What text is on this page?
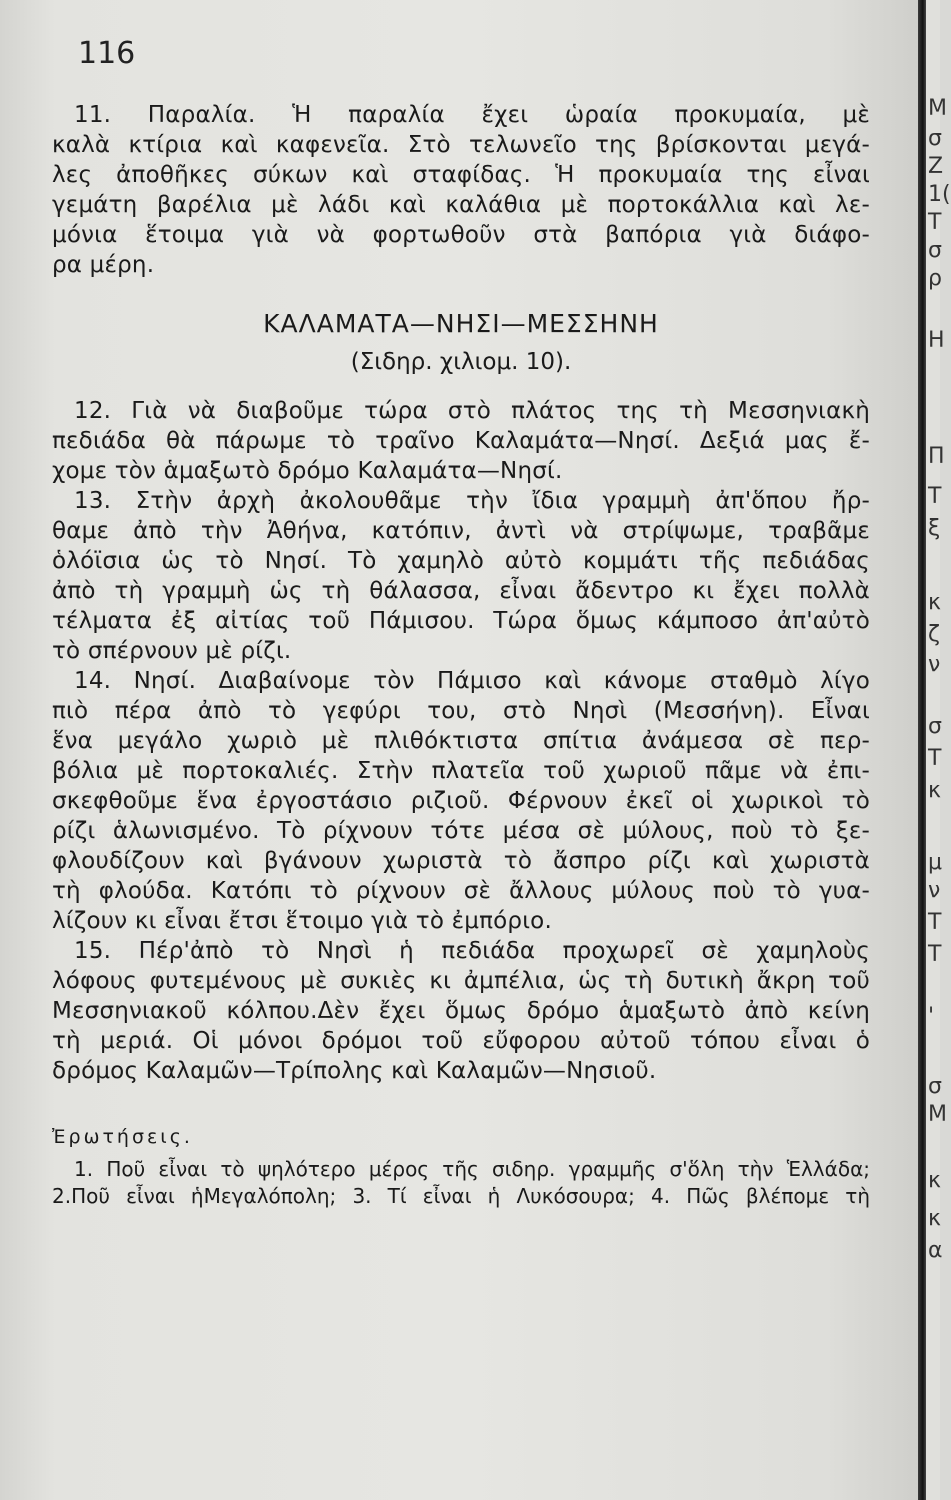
116
11. Παραλία. Ἡ παραλία ἔχει ὡραία προκυμαία, μὲ
καλὰ κτίρια καὶ καφενεῖα. Στὸ τελωνεῖο της βρίσκονται μεγά-
λες ἀποθῆκες σύκων καὶ σταφίδας. Ἡ προκυμαία της εἶναι
γεμάτη βαρέλια μὲ λάδι καὶ καλάθια μὲ πορτοκάλλια καὶ λε-
μόνια ἕτοιμα γιὰ νὰ φορτωθοῦν στὰ βαπόρια γιὰ διάφο-
ρα μέρη.
ΚΑΛΑΜΑΤΑ—ΝΗΣΙ—ΜΕΣΣΗΝΗ
(Σιδηρ. χιλιομ. 10).
12. Γιὰ νὰ διαβοῦμε τώρα στὸ πλάτος της τὴ Μεσσηνιακὴ
πεδιάδα θὰ πάρωμε τὸ τραῖνο Καλαμάτα—Νησί. Δεξιά μας ἔ-
χομε τὸν ἁμαξωτὸ δρόμο Καλαμάτα—Νησί.
13. Στὴν ἀρχὴ ἀκολουθᾶμε τὴν ἴδια γραμμὴ ἀπ'ὅπου ἤρ-
θαμε ἀπὸ τὴν Ἀθήνα, κατόπιν, ἀντὶ νὰ στρίψωμε, τραβᾶμε
ὁλόϊσια ὡς τὸ Νησί. Τὸ χαμηλὸ αὐτὸ κομμάτι τῆς πεδιάδας
ἀπὸ τὴ γραμμὴ ὡς τὴ θάλασσα, εἶναι ἄδεντρο κι ἔχει πολλὰ
τέλματα ἐξ αἰτίας τοῦ Πάμισου. Τώρα ὅμως κάμποσο ἀπ'αὐτὸ
τὸ σπέρνουν μὲ ρίζι.
14. Νησί. Διαβαίνομε τὸν Πάμισο καὶ κάνομε σταθμὸ λίγο
πιὸ πέρα ἀπὸ τὸ γεφύρι του, στὸ Νησὶ (Μεσσήνη). Εἶναι
ἕνα μεγάλο χωριὸ μὲ πλιθόκτιστα σπίτια ἀνάμεσα σὲ περ-
βόλια μὲ πορτοκαλιές. Στὴν πλατεῖα τοῦ χωριοῦ πᾶμε νὰ ἐπι-
σκεφθοῦμε ἕνα ἐργοστάσιο ριζιοῦ. Φέρνουν ἐκεῖ οἱ χωρικοὶ τὸ
ρίζι ἁλωνισμένο. Τὸ ρίχνουν τότε μέσα σὲ μύλους, ποὺ τὸ ξε-
φλουδίζουν καὶ βγάνουν χωριστὰ τὸ ἄσπρο ρίζι καὶ χωριστὰ
τὴ φλούδα. Κατόπι τὸ ρίχνουν σὲ ἄλλους μύλους ποὺ τὸ γυα-
λίζουν κι εἶναι ἔτσι ἕτοιμο γιὰ τὸ ἐμπόριο.
15. Πέρ'ἀπὸ τὸ Νησὶ ἡ πεδιάδα προχωρεῖ σὲ χαμηλοὺς
λόφους φυτεμένους μὲ συκιὲς κι ἀμπέλια, ὡς τὴ δυτικὴ ἄκρη τοῦ
Μεσσηνιακοῦ κόλπου.Δὲν ἔχει ὅμως δρόμο ἁμαξωτὸ ἀπὸ κείνη
τὴ μεριά. Οἱ μόνοι δρόμοι τοῦ εὔφορου αὐτοῦ τόπου εἶναι ὁ
δρόμος Καλαμῶν—Τρίπολης καὶ Καλαμῶν—Νησιοῦ.
Ἐρωτήσεις.
1. Ποῦ εἶναι τὸ ψηλότερο μέρος τῆς σιδηρ. γραμμῆς σ'ὅλη τὴν Ἑλλάδα;
2.Ποῦ εἶναι ἡΜεγαλόπολη; 3. Τί εἶναι ἡ Λυκόσουρα; 4. Πῶς βλέπομε τὴ
Μ
σ
Ζ
1(
Τ
σ
ρ
Η
Π
Τ
ξ
κ
ζ
ν
σ
Τ
κ
μ
ν
Τ
Τ
'
σ
Μ
κ
κ
α
